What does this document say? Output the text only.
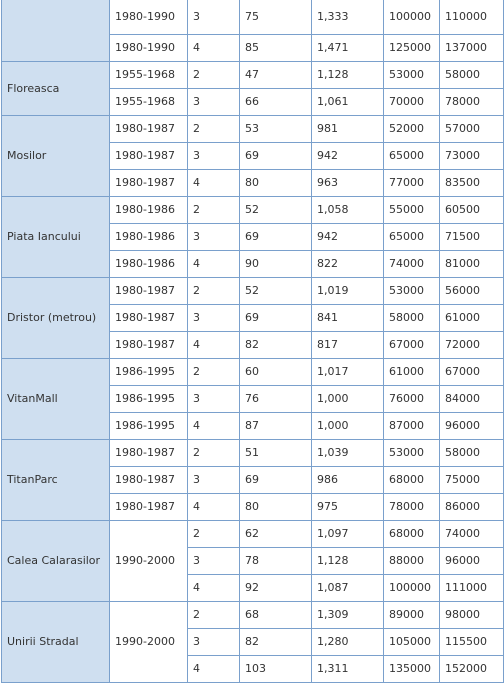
	1980-1990	3	75	1,333	100000	110000
	1980-1990	4	85	1,471	125000	137000
Floreasca	1955-1968	2	47	1,128	53000	58000
	1955-1968	3	66	1,061	70000	78000
Mosilor	1980-1987	2	53	981	52000	57000
	1980-1987	3	69	942	65000	73000
	1980-1987	4	80	963	77000	83500
Piata Iancului	1980-1986	2	52	1,058	55000	60500
	1980-1986	3	69	942	65000	71500
	1980-1986	4	90	822	74000	81000
Dristor (metrou)	1980-1987	2	52	1,019	53000	56000
	1980-1987	3	69	841	58000	61000
	1980-1987	4	82	817	67000	72000
VitanMall	1986-1995	2	60	1,017	61000	67000
	1986-1995	3	76	1,000	76000	84000
	1986-1995	4	87	1,000	87000	96000
TitanParc	1980-1987	2	51	1,039	53000	58000
	1980-1987	3	69	986	68000	75000
	1980-1987	4	80	975	78000	86000
Calea Calarasilor	1990-2000	2	62	1,097	68000	74000
		3	78	1,128	88000	96000
		4	92	1,087	100000	111000
Unirii Stradal	1990-2000	2	68	1,309	89000	98000
		3	82	1,280	105000	115500
		4	103	1,311	135000	152000
